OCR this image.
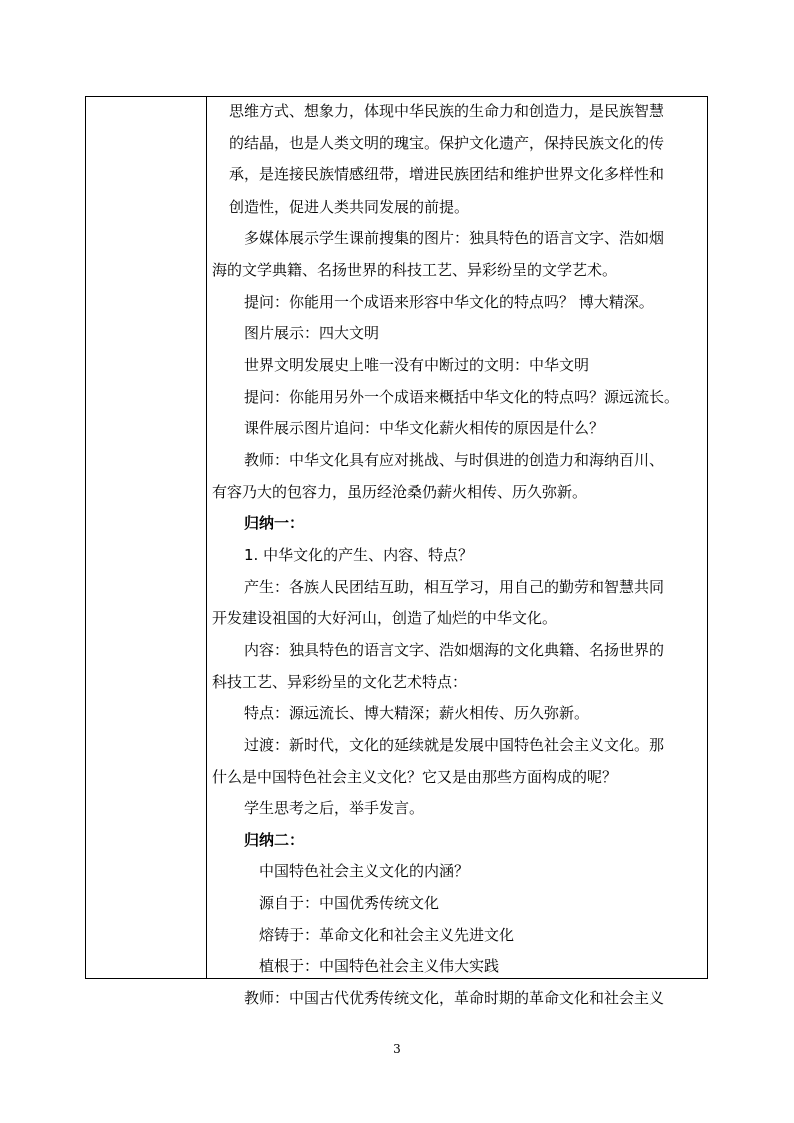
思维方式、想象力，体现中华民族的生命力和创造力，是民族智慧
的结晶，也是人类文明的瑰宝。保护文化遗产，保持民族文化的传
承，是连接民族情感纽带，增进民族团结和维护世界文化多样性和
创造性，促进人类共同发展的前提。
多媒体展示学生课前搜集的图片：独具特色的语言文字、浩如烟
海的文学典籍、名扬世界的科技工艺、异彩纷呈的文学艺术。
提问：你能用一个成语来形容中华文化的特点吗？ 博大精深。
图片展示：四大文明
世界文明发展史上唯一没有中断过的文明：中华文明
提问：你能用另外一个成语来概括中华文化的特点吗？源远流长。
课件展示图片追问：中华文化薪火相传的原因是什么？
教师：中华文化具有应对挑战、与时俱进的创造力和海纳百川、
有容乃大的包容力，虽历经沧桑仍薪火相传、历久弥新。
归纳一：
1. 中华文化的产生、内容、特点？
产生：各族人民团结互助，相互学习，用自己的勤劳和智慧共同
开发建设祖国的大好河山，创造了灿烂的中华文化。
内容：独具特色的语言文字、浩如烟海的文化典籍、名扬世界的
科技工艺、异彩纷呈的文化艺术特点：
特点：源远流长、博大精深；薪火相传、历久弥新。
过渡：新时代，文化的延续就是发展中国特色社会主义文化。那
什么是中国特色社会主义文化？它又是由那些方面构成的呢？
学生思考之后，举手发言。
归纳二：
中国特色社会主义文化的内涵？
源自于：中国优秀传统文化
熔铸于：革命文化和社会主义先进文化
植根于：中国特色社会主义伟大实践
教师：中国古代优秀传统文化，革命时期的革命文化和社会主义
3
